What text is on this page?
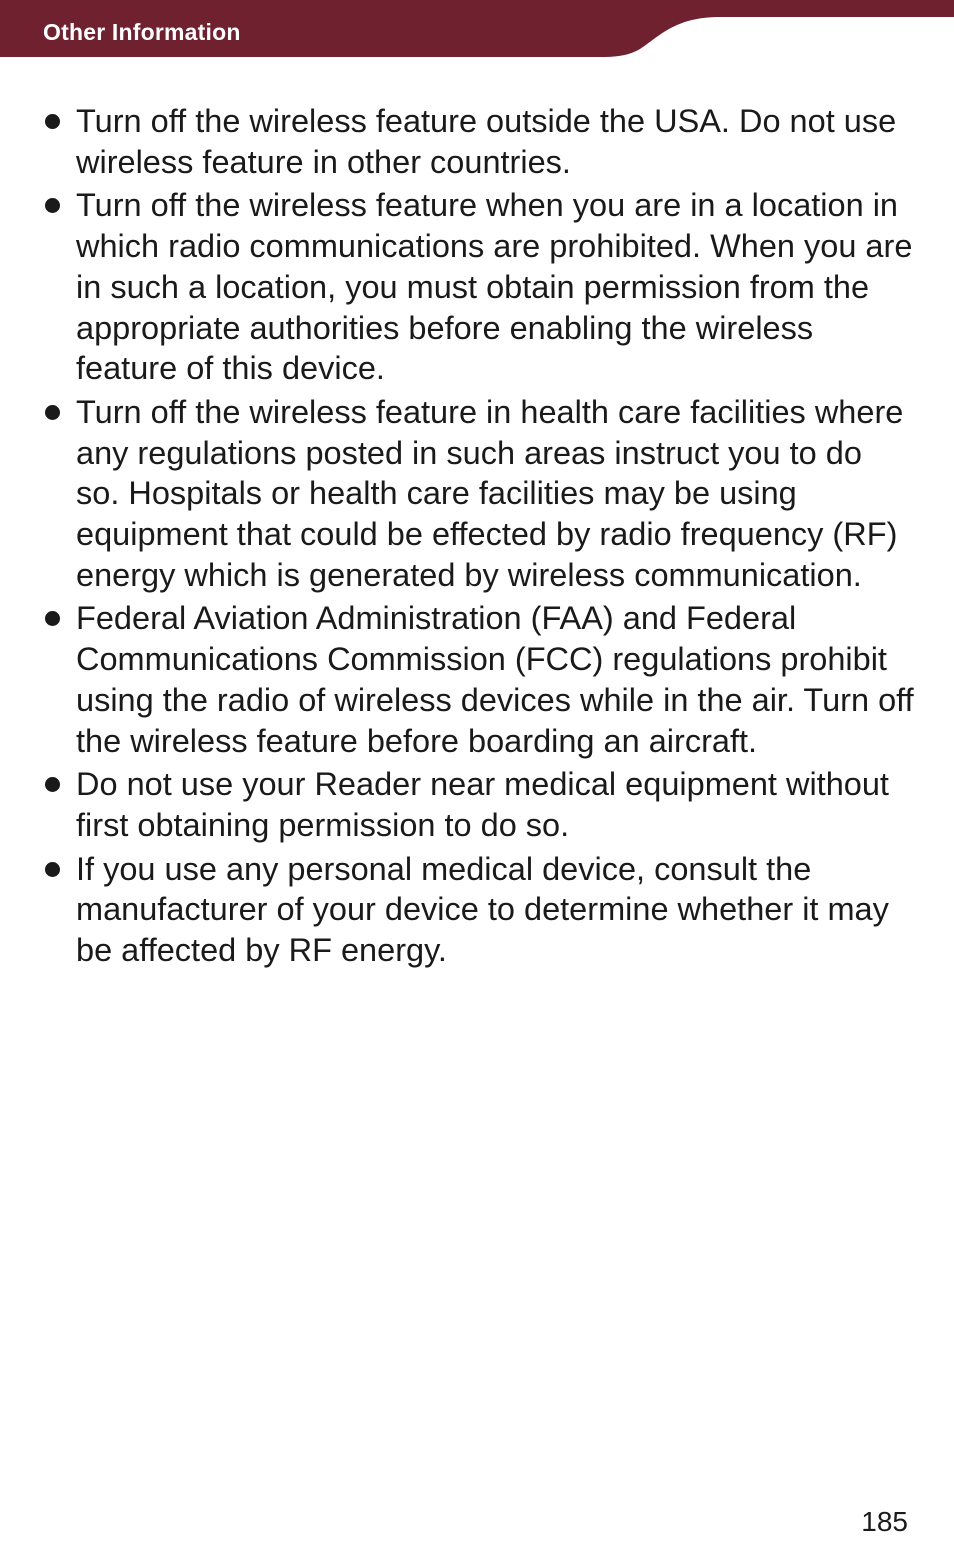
Other Information
Turn off the wireless feature outside the USA. Do not use wireless feature in other countries.
Turn off the wireless feature when you are in a location in which radio communications are prohibited. When you are in such a location, you must obtain permission from the appropriate authorities before enabling the wireless feature of this device.
Turn off the wireless feature in health care facilities where any regulations posted in such areas instruct you to do so. Hospitals or health care facilities may be using equipment that could be effected by radio frequency (RF) energy which is generated by wireless communication.
Federal Aviation Administration (FAA) and Federal Communications Commission (FCC) regulations prohibit using the radio of wireless devices while in the air. Turn off the wireless feature before boarding an aircraft.
Do not use your Reader near medical equipment without first obtaining permission to do so.
If you use any personal medical device, consult the manufacturer of your device to determine whether it may be affected by RF energy.
185
